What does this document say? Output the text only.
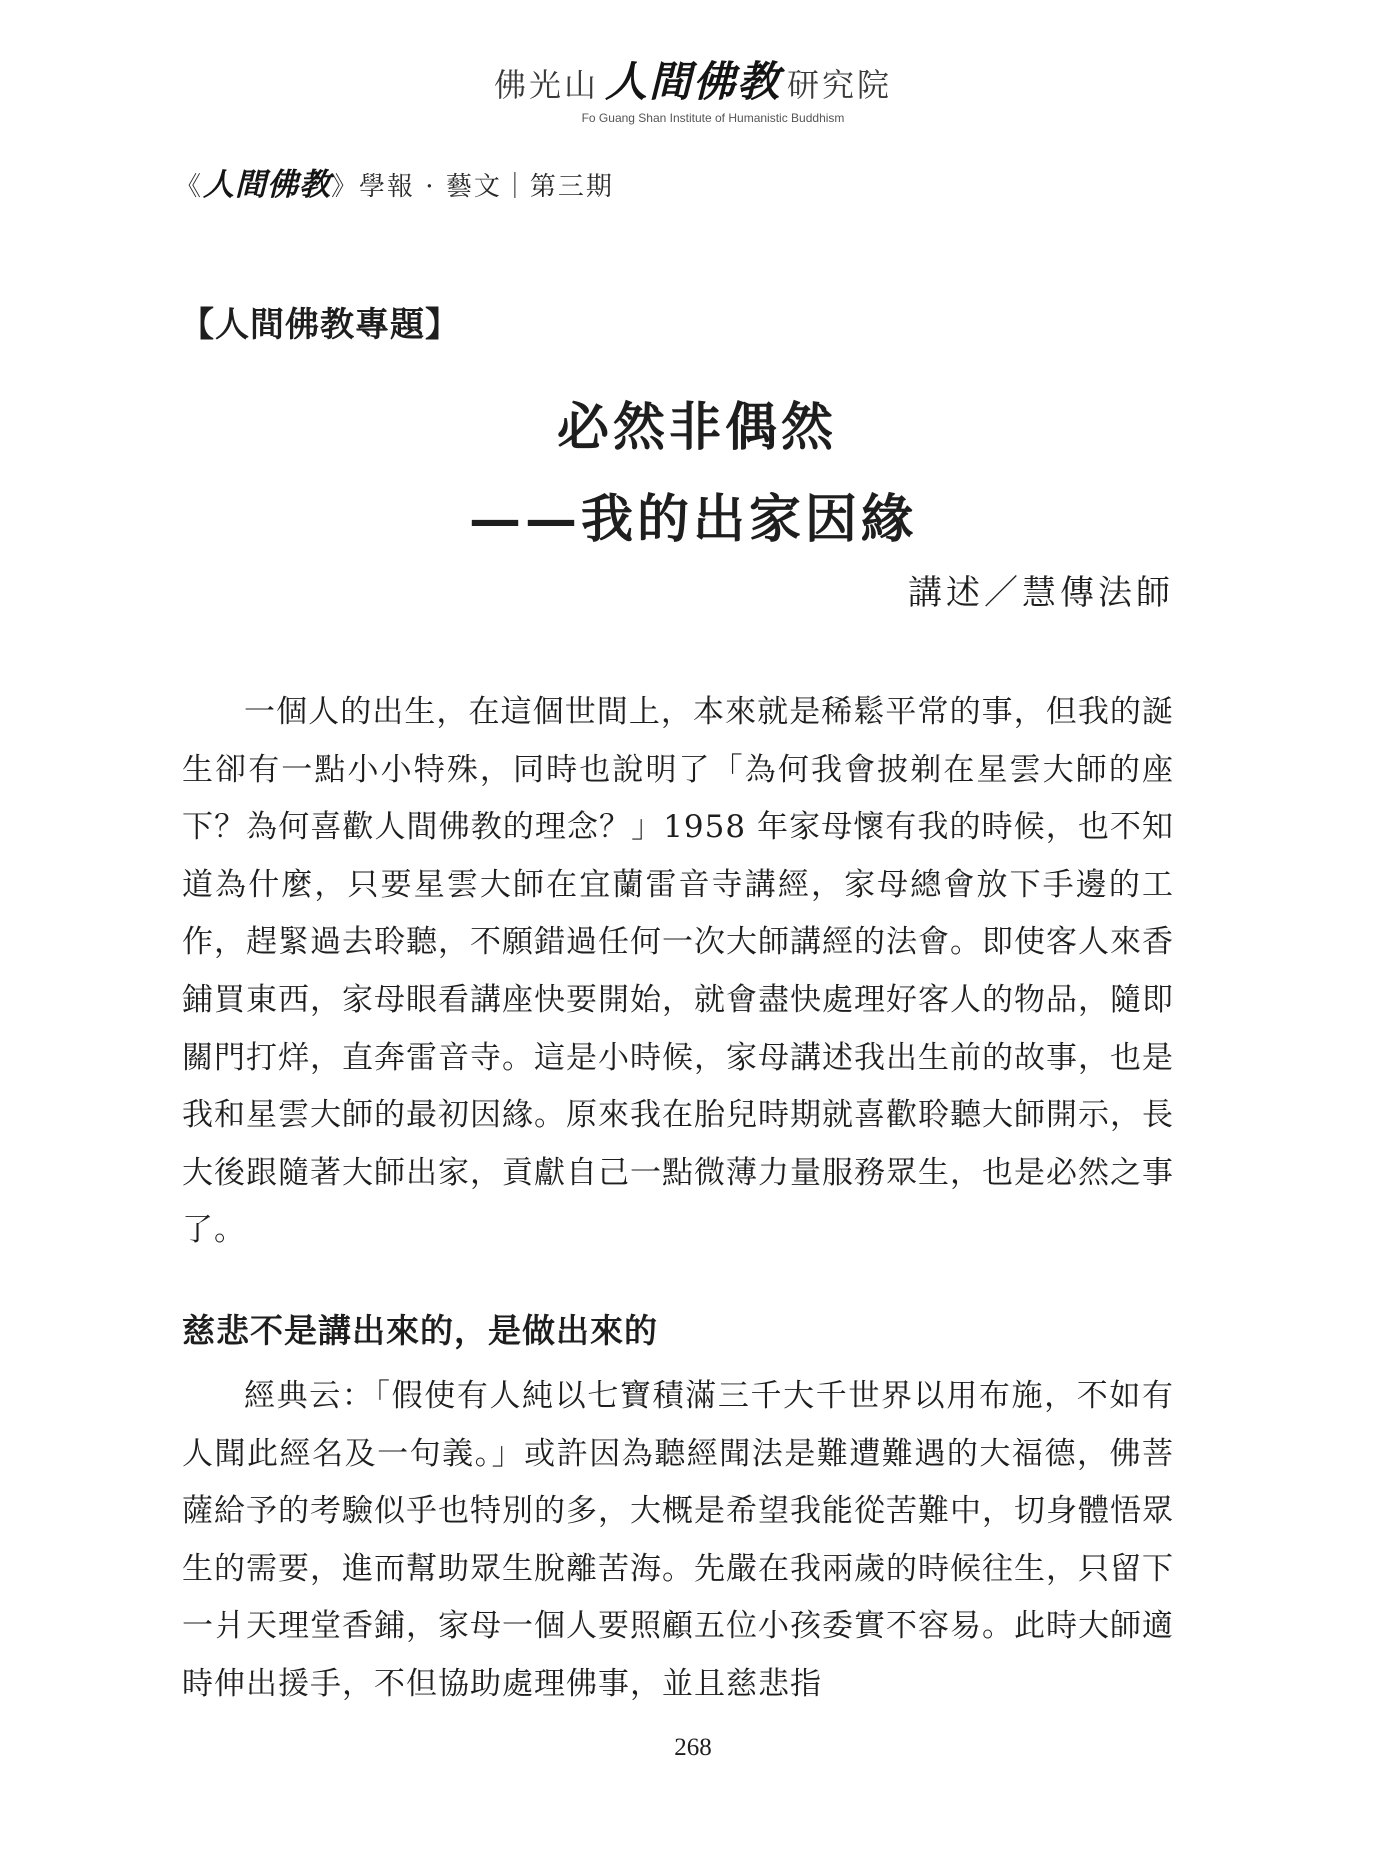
佛光山 人間佛教 研究院
Fo Guang Shan Institute of Humanistic Buddhism
《人間佛教》學報 · 藝文｜第三期
【人間佛教專題】
必然非偶然
——我的出家因緣
講述／慧傳法師

一個人的出生，在這個世間上，本來就是稀鬆平常的事，但我的誕生卻有一點小小特殊，同時也說明了「為何我會披剃在星雲大師的座下？為何喜歡人間佛教的理念？」1958 年家母懷有我的時候，也不知道為什麼，只要星雲大師在宜蘭雷音寺講經，家母總會放下手邊的工作，趕緊過去聆聽，不願錯過任何一次大師講經的法會。即使客人來香鋪買東西，家母眼看講座快要開始，就會盡快處理好客人的物品，隨即關門打烊，直奔雷音寺。這是小時候，家母講述我出生前的故事，也是我和星雲大師的最初因緣。原來我在胎兒時期就喜歡聆聽大師開示，長大後跟隨著大師出家，貢獻自己一點微薄力量服務眾生，也是必然之事了。

慈悲不是講出來的，是做出來的

經典云：「假使有人純以七寶積滿三千大千世界以用布施，不如有人聞此經名及一句義。」或許因為聽經聞法是難遭難遇的大福德，佛菩薩給予的考驗似乎也特別的多，大概是希望我能從苦難中，切身體悟眾生的需要，進而幫助眾生脫離苦海。先嚴在我兩歲的時候往生，只留下一爿天理堂香鋪，家母一個人要照顧五位小孩委實不容易。此時大師適時伸出援手，不但協助處理佛事，並且慈悲指

268
